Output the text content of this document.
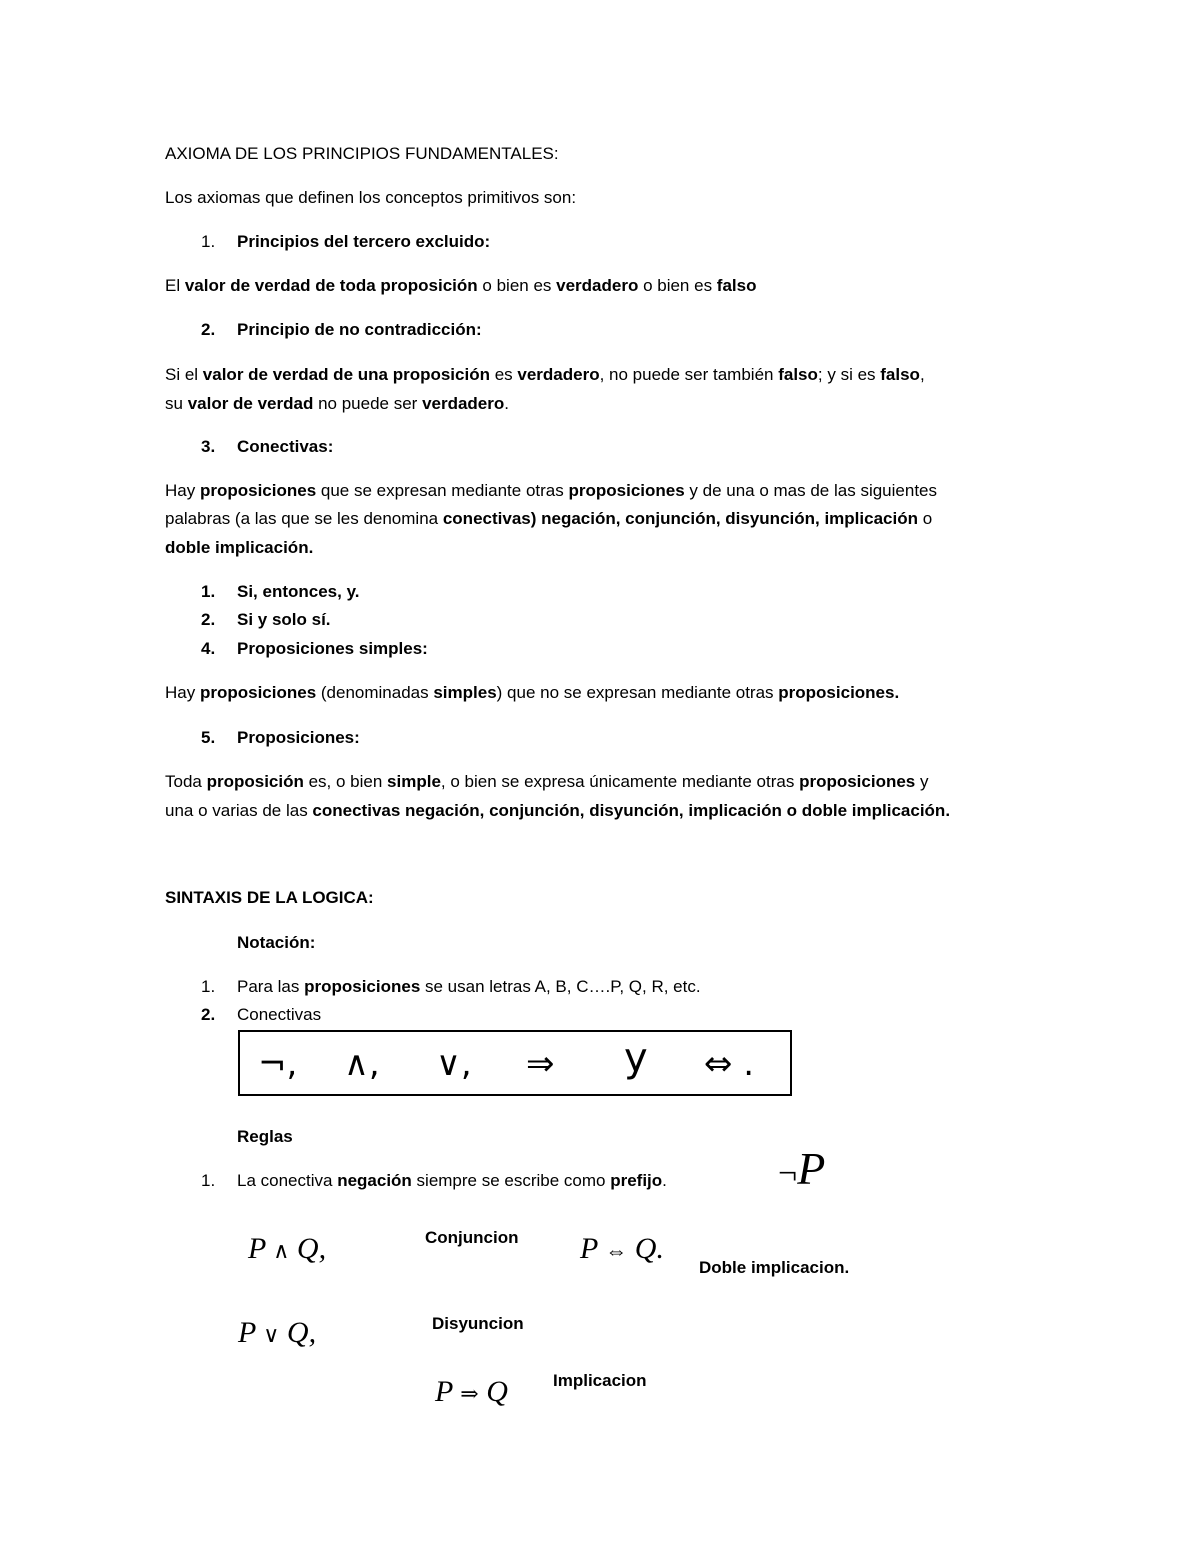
AXIOMA DE LOS PRINCIPIOS FUNDAMENTALES:
Los axiomas que definen los conceptos primitivos son:
1. Principios del tercero excluido:
El valor de verdad de toda proposición o bien es verdadero o bien es falso
2. Principio de no contradicción:
Si el valor de verdad de una proposición es verdadero, no puede ser también falso; y si es falso,
su valor de verdad no puede ser verdadero.
3. Conectivas:
Hay proposiciones que se expresan mediante otras proposiciones y de una o mas de las siguientes
palabras (a las que se les denomina conectivas) negación, conjunción, disyunción, implicación o
doble implicación.
1. Si, entonces, y.
2. Si y solo sí.
4. Proposiciones simples:
Hay proposiciones (denominadas simples) que no se expresan mediante otras proposiciones.
5. Proposiciones:
Toda proposición es, o bien simple, o bien se expresa únicamente mediante otras proposiciones y
una o varias de las conectivas negación, conjunción, disyunción, implicación o doble implicación.
SINTAXIS DE LA LOGICA:
Notación:
1. Para las proposiciones se usan letras A, B, C….P, Q, R, etc.
2. Conectivas
¬, ∧, ∨, ⇒ y ⇔ .
Reglas
1. La conectiva negación siempre se escribe como prefijo.	¬P
P ∧ Q,	Conjuncion P ⇔ Q.
Doble implicacion.
P ∨ Q,	Disyuncion
P ⇒ Q	Implicacion
